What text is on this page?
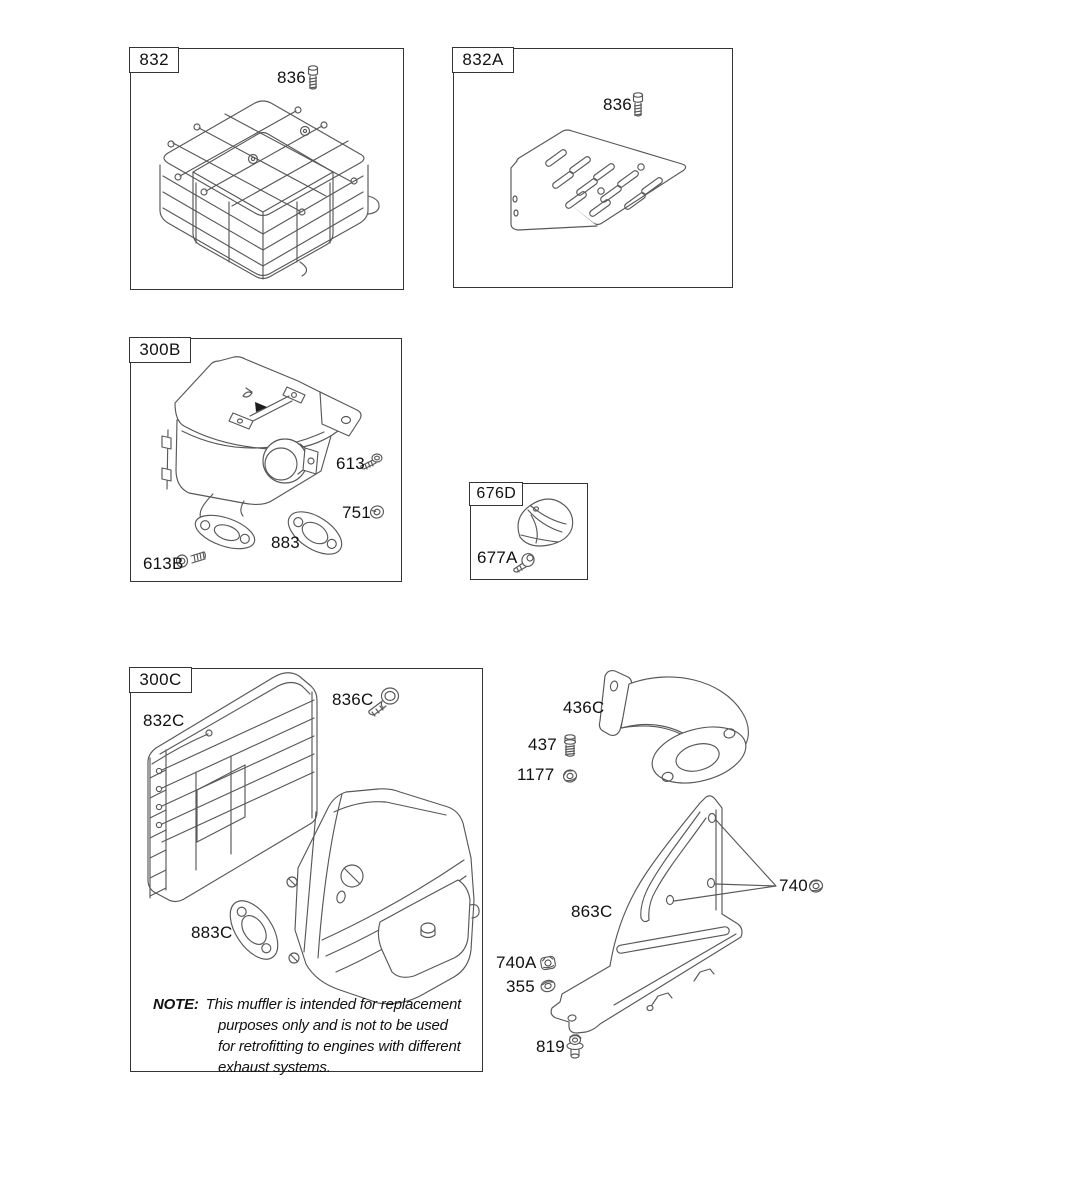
832	832A
300B
676D
300C
836
836
613
751
883
613B	677A
832C
836C
883C
436C
437
1177
863C
740
740A
355
819
NOTE: This muffler is intended for replacement
purposes only and is not to be used
for retrofitting to engines with different
exhaust systems.
